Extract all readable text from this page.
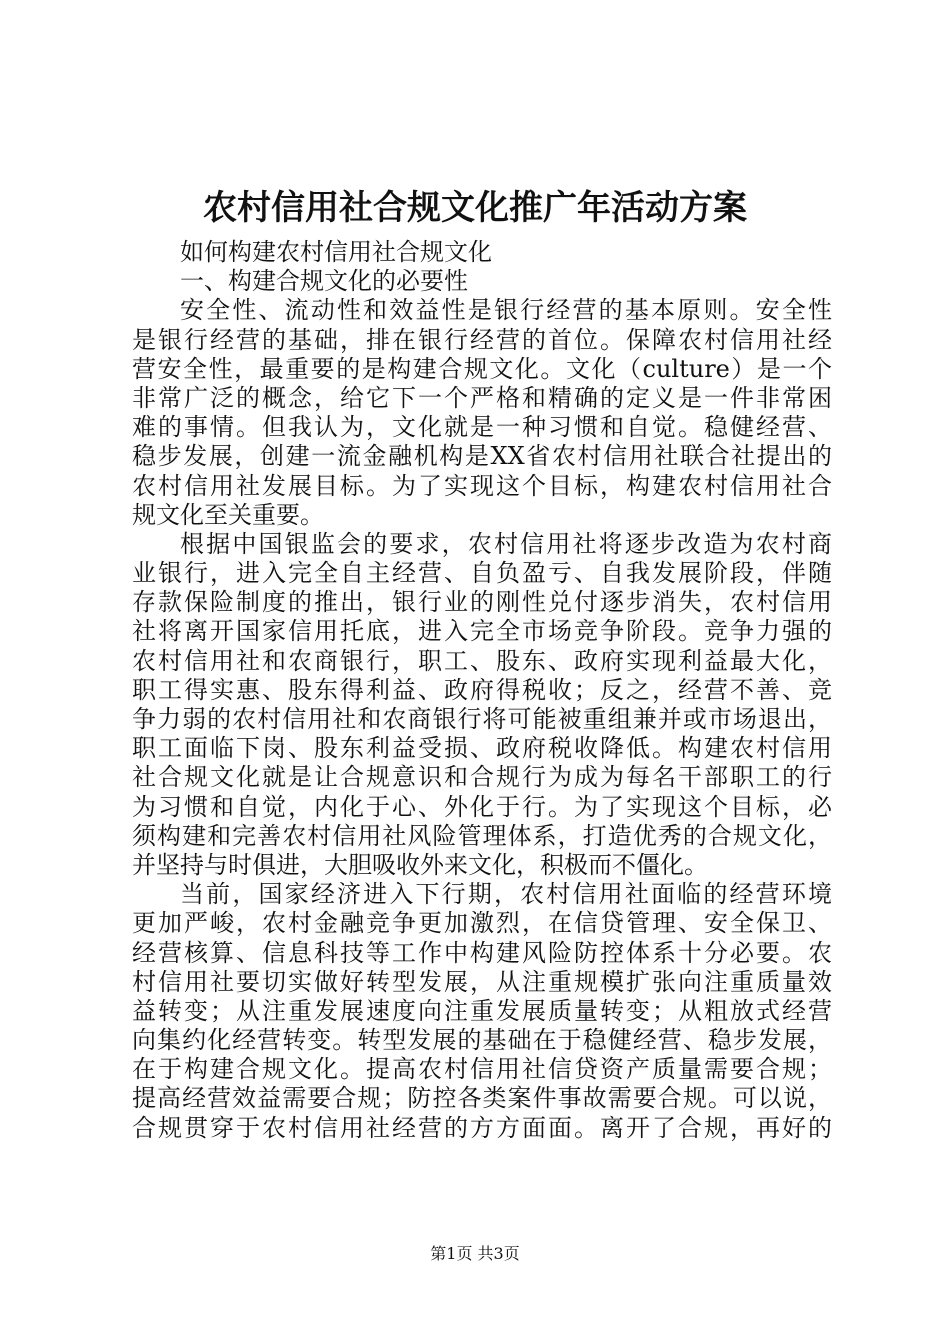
农村信用社合规文化推广年活动方案
如何构建农村信用社合规文化
一、构建合规文化的必要性
安全性、流动性和效益性是银行经营的基本原则。安全性
是银行经营的基础，排在银行经营的首位。保障农村信用社经
营安全性，最重要的是构建合规文化。文化（culture）是一个
非常广泛的概念，给它下一个严格和精确的定义是一件非常困
难的事情。但我认为，文化就是一种习惯和自觉。稳健经营、
稳步发展，创建一流金融机构是XX省农村信用社联合社提出的
农村信用社发展目标。为了实现这个目标，构建农村信用社合
规文化至关重要。
根据中国银监会的要求，农村信用社将逐步改造为农村商
业银行，进入完全自主经营、自负盈亏、自我发展阶段，伴随
存款保险制度的推出，银行业的刚性兑付逐步消失，农村信用
社将离开国家信用托底，进入完全市场竞争阶段。竞争力强的
农村信用社和农商银行，职工、股东、政府实现利益最大化，
职工得实惠、股东得利益、政府得税收；反之，经营不善、竞
争力弱的农村信用社和农商银行将可能被重组兼并或市场退出，
职工面临下岗、股东利益受损、政府税收降低。构建农村信用
社合规文化就是让合规意识和合规行为成为每名干部职工的行
为习惯和自觉，内化于心、外化于行。为了实现这个目标，必
须构建和完善农村信用社风险管理体系，打造优秀的合规文化，
并坚持与时俱进，大胆吸收外来文化，积极而不僵化。
当前，国家经济进入下行期，农村信用社面临的经营环境
更加严峻，农村金融竞争更加激烈，在信贷管理、安全保卫、
经营核算、信息科技等工作中构建风险防控体系十分必要。农
村信用社要切实做好转型发展，从注重规模扩张向注重质量效
益转变；从注重发展速度向注重发展质量转变；从粗放式经营
向集约化经营转变。转型发展的基础在于稳健经营、稳步发展，
在于构建合规文化。提高农村信用社信贷资产质量需要合规；
提高经营效益需要合规；防控各类案件事故需要合规。可以说，
合规贯穿于农村信用社经营的方方面面。离开了合规，再好的
第1页 共3页
